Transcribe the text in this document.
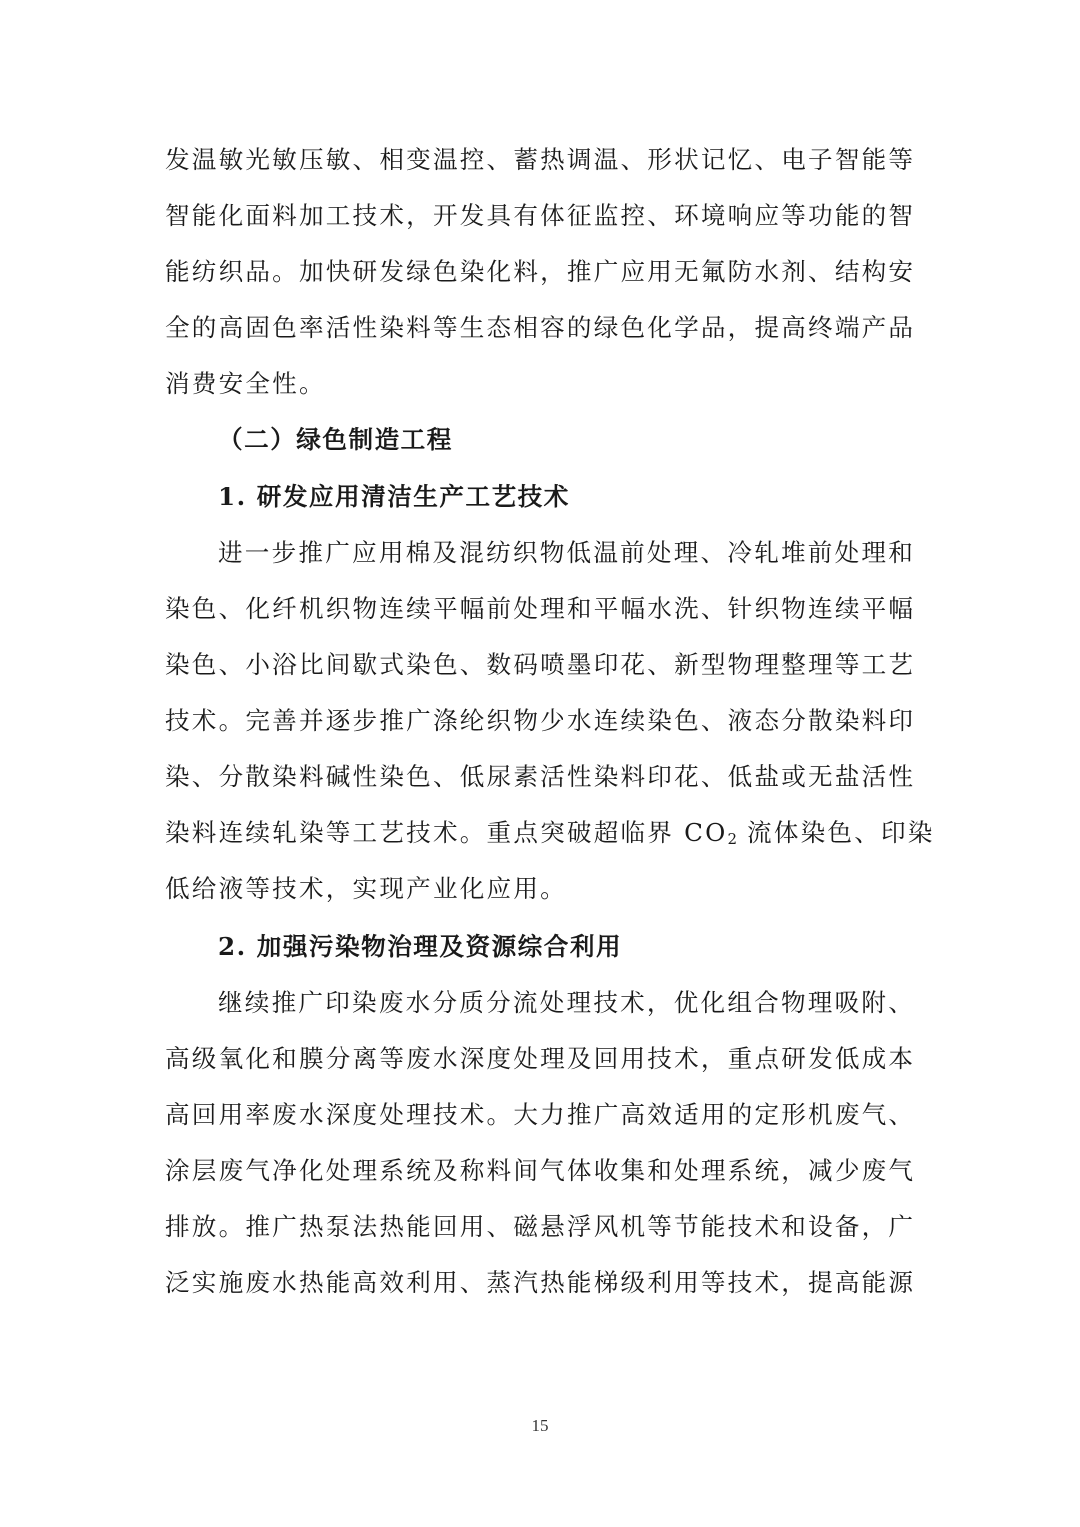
发温敏光敏压敏、相变温控、蓄热调温、形状记忆、电子智能等
智能化面料加工技术，开发具有体征监控、环境响应等功能的智
能纺织品。加快研发绿色染化料，推广应用无氟防水剂、结构安
全的高固色率活性染料等生态相容的绿色化学品，提高终端产品
消费安全性。
（二）绿色制造工程
1. 研发应用清洁生产工艺技术
进一步推广应用棉及混纺织物低温前处理、冷轧堆前处理和
染色、化纤机织物连续平幅前处理和平幅水洗、针织物连续平幅
染色、小浴比间歇式染色、数码喷墨印花、新型物理整理等工艺
技术。完善并逐步推广涤纶织物少水连续染色、液态分散染料印
染、分散染料碱性染色、低尿素活性染料印花、低盐或无盐活性
染料连续轧染等工艺技术。重点突破超临界 $CO_2$ 流体染色、印染
低给液等技术，实现产业化应用。
2. 加强污染物治理及资源综合利用
继续推广印染废水分质分流处理技术，优化组合物理吸附、
高级氧化和膜分离等废水深度处理及回用技术，重点研发低成本
高回用率废水深度处理技术。大力推广高效适用的定形机废气、
涂层废气净化处理系统及称料间气体收集和处理系统，减少废气
排放。推广热泵法热能回用、磁悬浮风机等节能技术和设备，广
泛实施废水热能高效利用、蒸汽热能梯级利用等技术，提高能源
15
